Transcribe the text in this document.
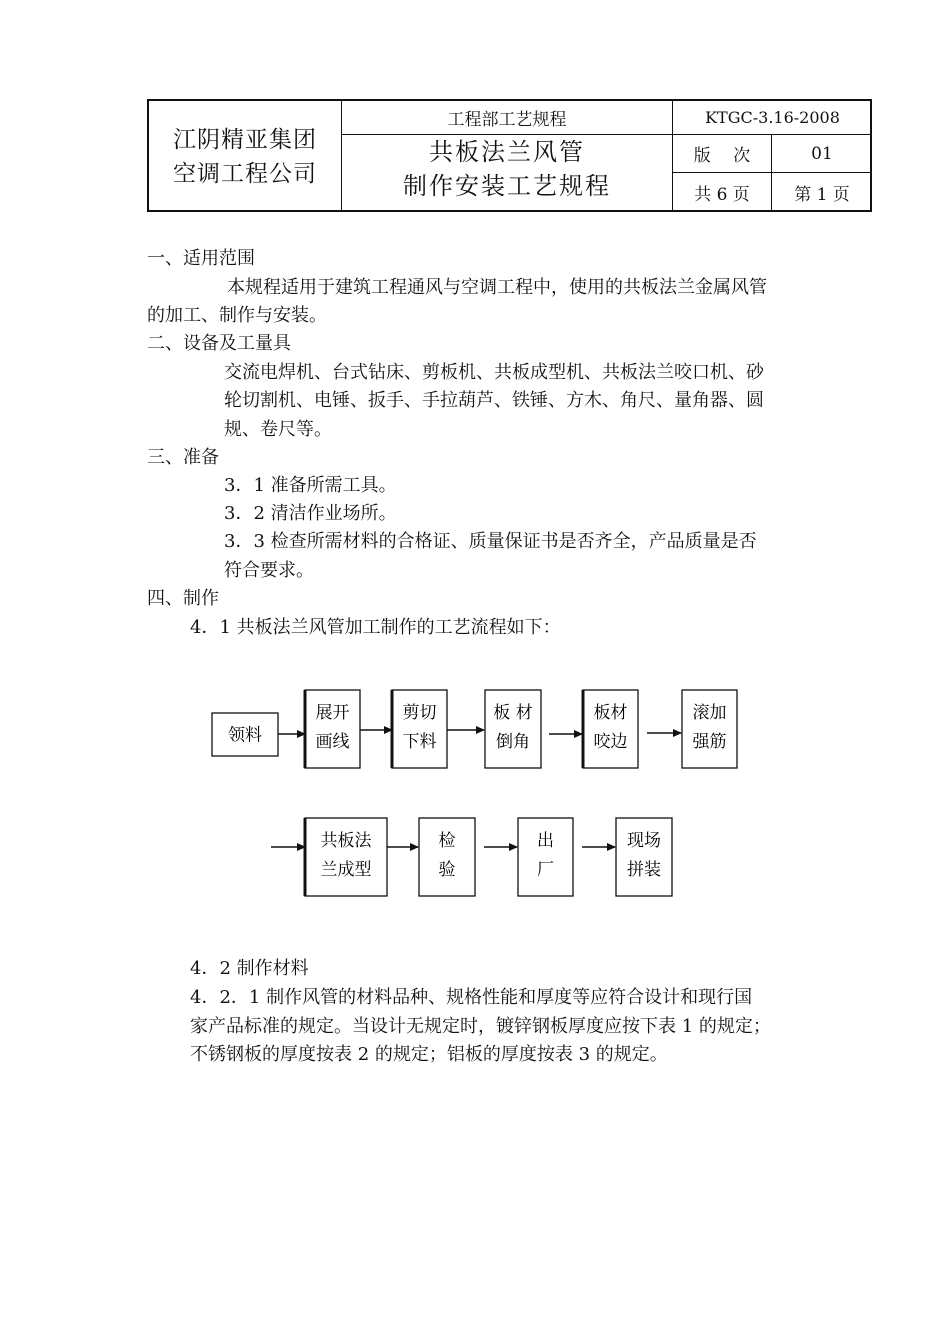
江阴精亚集团
空调工程公司
工程部工艺规程
共板法兰风管
制作安装工艺规程
KTGC-3.16-2008
版　 次	01
共 6 页	第 1 页
一、适用范围
本规程适用于建筑工程通风与空调工程中，使用的共板法兰金属风管
的加工、制作与安装。
二、设备及工量具
交流电焊机、台式钻床、剪板机、共板成型机、共板法兰咬口机、砂
轮切割机、电锤、扳手、手拉葫芦、铁锤、方木、角尺、量角器、圆
规、卷尺等。
三、准备
3．1 准备所需工具。
3．2 清洁作业场所。
3．3 检查所需材料的合格证、质量保证书是否齐全，产品质量是否
符合要求。
四、制作
4．1 共板法兰风管加工制作的工艺流程如下：
4．2 制作材料
4．2．1 制作风管的材料品种、规格性能和厚度等应符合设计和现行国
家产品标准的规定。当设计无规定时，镀锌钢板厚度应按下表 1 的规定；
不锈钢板的厚度按表 2 的规定；铝板的厚度按表 3 的规定。
领料
展开
画线
剪切
下料
板 材
倒角
板材
咬边
滚加
强筋
共板法
兰成型
检
验
出
厂
现场
拼装
